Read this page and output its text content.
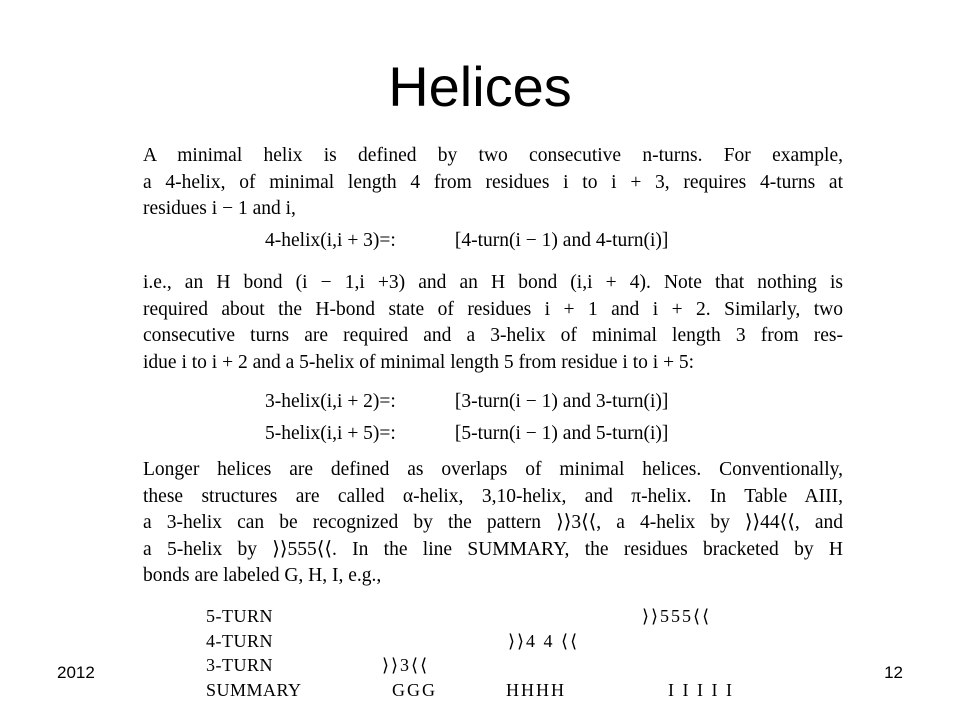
Helices

A minimal helix is defined by two consecutive n-turns. For example,
a 4-helix, of minimal length 4 from residues i to i + 3, requires 4-turns at
residues i − 1 and i,

4-helix(i,i + 3)=:	[4-turn(i − 1) and 4-turn(i)]

i.e., an H bond (i − 1,i +3) and an H bond (i,i + 4). Note that nothing is
required about the H-bond state of residues i + 1 and i + 2. Similarly, two
consecutive turns are required and a 3-helix of minimal length 3 from res-
idue i to i + 2 and a 5-helix of minimal length 5 from residue i to i + 5:

3-helix(i,i + 2)=:	[3-turn(i − 1) and 3-turn(i)]
5-helix(i,i + 5)=:	[5-turn(i − 1) and 5-turn(i)]

Longer helices are defined as overlaps of minimal helices. Conventionally,
these structures are called α-helix, 3,10-helix, and π-helix. In Table AIII,
a 3-helix can be recognized by the pattern ⟩⟩3⟨⟨, a 4-helix by ⟩⟩44⟨⟨, and
a 5-helix by ⟩⟩555⟨⟨. In the line SUMMARY, the residues bracketed by H
bonds are labeled G, H, I, e.g.,

5-TURN	⟩⟩555⟨⟨
4-TURN	⟩⟩4 4 ⟨⟨
3-TURN	⟩⟩3⟨⟨
SUMMARY	GGG	HHHH	I I I I I
2012	12
